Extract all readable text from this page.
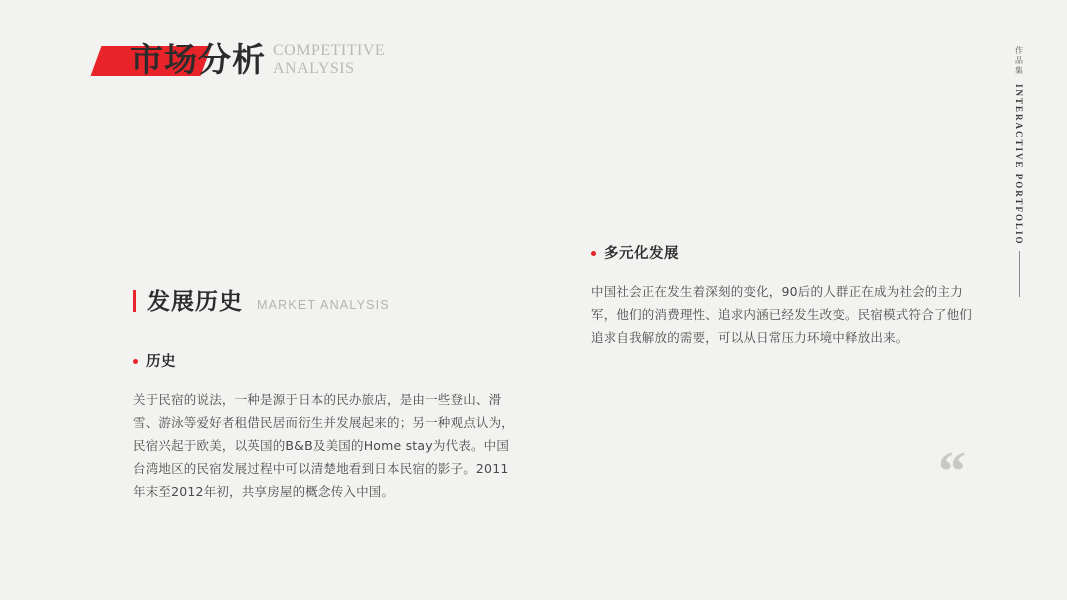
市场分析 COMPETITIVE
ANALYSIS	作品集
INTERACTIVE PORTFOLIO
发展历史 MARKET ANALYSIS
历史
关于民宿的说法，一种是源于日本的民办旅店，是由一些登山、滑雪、游泳等爱好者租借民居而衍生并发展起来的；另一种观点认为，民宿兴起于欧美，以英国的B&B及美国的Home stay为代表。中国台湾地区的民宿发展过程中可以清楚地看到日本民宿的影子。2011年末至2012年初，共享房屋的概念传入中国。
多元化发展
中国社会正在发生着深刻的变化，90后的人群正在成为社会的主力军，他们的消费理性、追求内涵已经发生改变。民宿模式符合了他们追求自我解放的需要，可以从日常压力环境中释放出来。
“
